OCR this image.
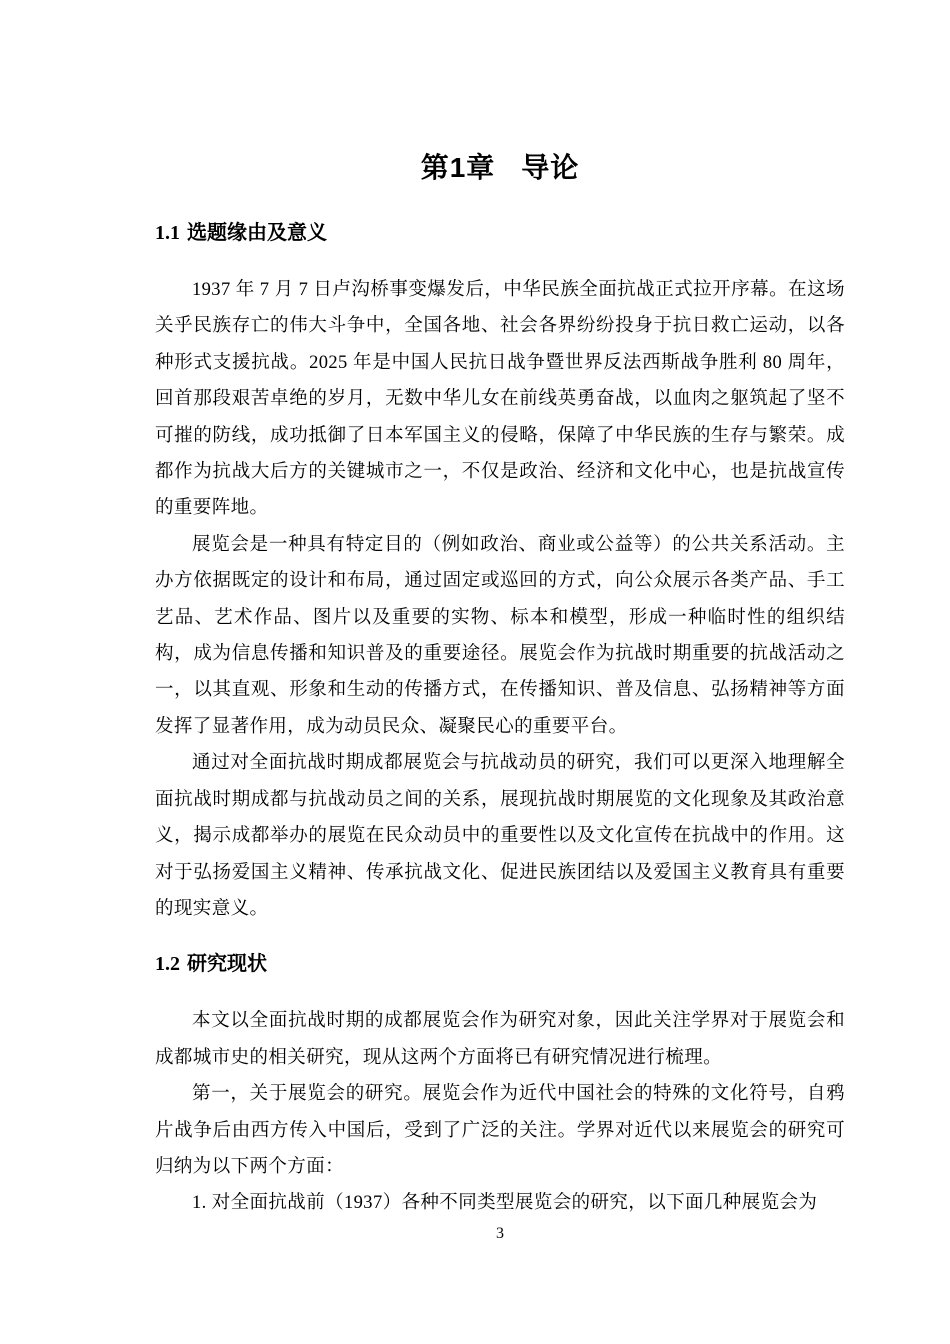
第1章 导论
1.1 选题缘由及意义

1937 年 7 月 7 日卢沟桥事变爆发后，中华民族全面抗战正式拉开序幕。在这场关乎民族存亡的伟大斗争中，全国各地、社会各界纷纷投身于抗日救亡运动，以各种形式支援抗战。2025 年是中国人民抗日战争暨世界反法西斯战争胜利 80 周年，回首那段艰苦卓绝的岁月，无数中华儿女在前线英勇奋战，以血肉之躯筑起了坚不可摧的防线，成功抵御了日本军国主义的侵略，保障了中华民族的生存与繁荣。成都作为抗战大后方的关键城市之一，不仅是政治、经济和文化中心，也是抗战宣传的重要阵地。

展览会是一种具有特定目的（例如政治、商业或公益等）的公共关系活动。主办方依据既定的设计和布局，通过固定或巡回的方式，向公众展示各类产品、手工艺品、艺术作品、图片以及重要的实物、标本和模型，形成一种临时性的组织结构，成为信息传播和知识普及的重要途径。展览会作为抗战时期重要的抗战活动之一，以其直观、形象和生动的传播方式，在传播知识、普及信息、弘扬精神等方面发挥了显著作用，成为动员民众、凝聚民心的重要平台。

通过对全面抗战时期成都展览会与抗战动员的研究，我们可以更深入地理解全面抗战时期成都与抗战动员之间的关系，展现抗战时期展览的文化现象及其政治意义，揭示成都举办的展览在民众动员中的重要性以及文化宣传在抗战中的作用。这对于弘扬爱国主义精神、传承抗战文化、促进民族团结以及爱国主义教育具有重要的现实意义。

1.2 研究现状

本文以全面抗战时期的成都展览会作为研究对象，因此关注学界对于展览会和成都城市史的相关研究，现从这两个方面将已有研究情况进行梳理。

第一，关于展览会的研究。展览会作为近代中国社会的特殊的文化符号，自鸦片战争后由西方传入中国后，受到了广泛的关注。学界对近代以来展览会的研究可归纳为以下两个方面：

1. 对全面抗战前（1937）各种不同类型展览会的研究，以下面几种展览会为

3
